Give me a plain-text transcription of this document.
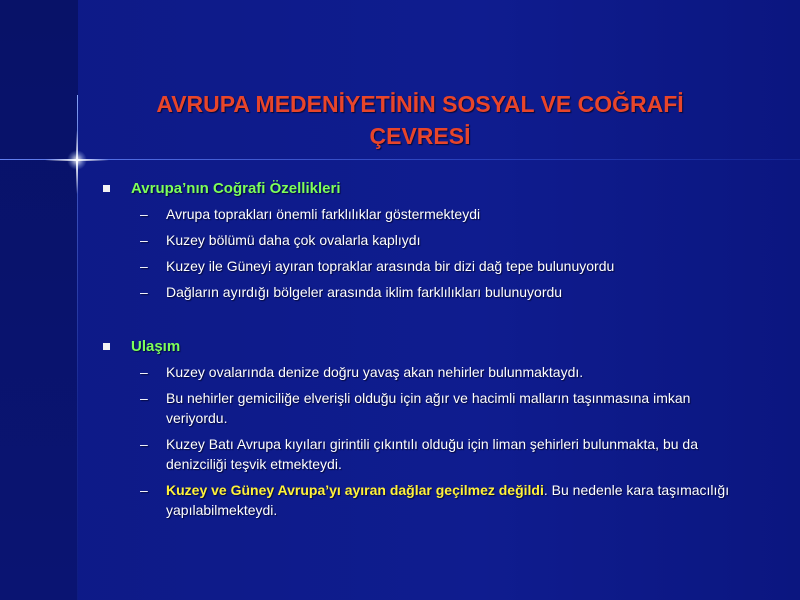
AVRUPA MEDENİYETİNİN SOSYAL VE COĞRAFİ ÇEVRESİ
Avrupa’nın Coğrafi Özellikleri
– Avrupa toprakları önemli farklılıklar göstermekteydi
– Kuzey bölümü daha çok ovalarla kaplıydı
– Kuzey ile Güneyi ayıran topraklar arasında bir dizi dağ tepe bulunuyordu
– Dağların ayırdığı bölgeler arasında iklim farklılıkları bulunuyordu
Ulaşım
– Kuzey ovalarında denize doğru yavaş akan nehirler bulunmaktaydı.
– Bu nehirler gemiciliğe elverişli olduğu için ağır ve hacimli malların taşınmasına imkan veriyordu.
– Kuzey Batı Avrupa kıyıları girintili çıkıntılı olduğu için liman şehirleri bulunmakta, bu da denizciliği teşvik etmekteydi.
– Kuzey ve Güney Avrupa’yı ayıran dağlar geçilmez değildi. Bu nedenle kara taşımacılığı yapılabilmekteydi.
